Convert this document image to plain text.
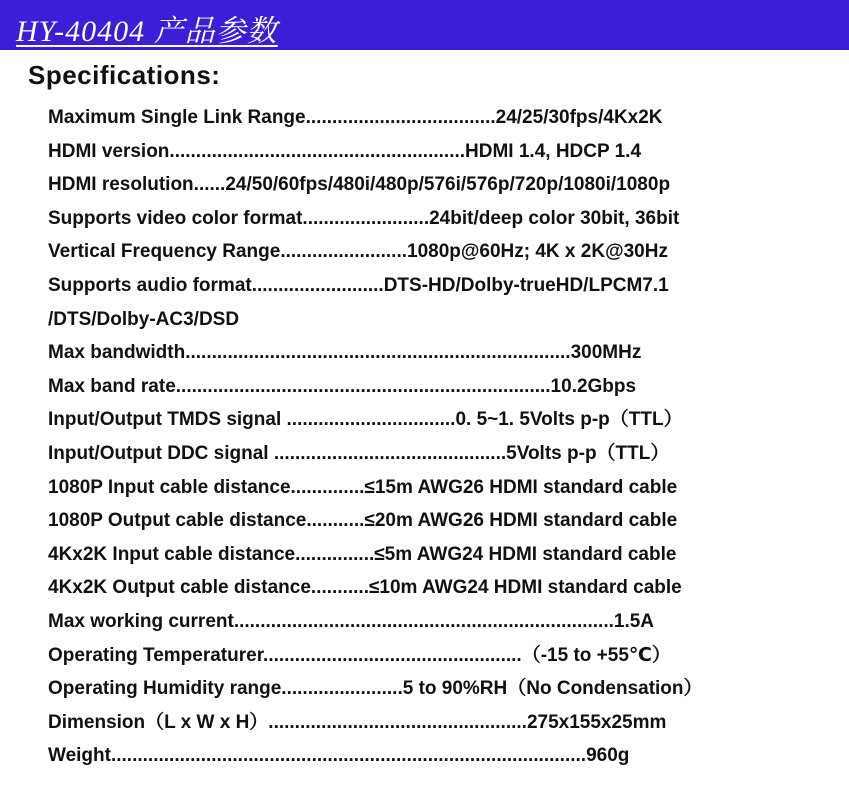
HY-40404 产品参数
Specifications:
Maximum Single Link Range....................................24/25/30fps/4Kx2K
HDMI version........................................................HDMI 1.4, HDCP 1.4
HDMI resolution......24/50/60fps/480i/480p/576i/576p/720p/1080i/1080p
Supports video color format........................24bit/deep color 30bit, 36bit
Vertical Frequency Range........................1080p@60Hz; 4K x 2K@30Hz
Supports audio format.........................DTS-HD/Dolby-trueHD/LPCM7.1
/DTS/Dolby-AC3/DSD
Max bandwidth.........................................................................300MHz
Max band rate.......................................................................10.2Gbps
Input/Output TMDS signal ................................0. 5~1. 5Volts p-p（TTL）
Input/Output DDC signal ............................................5Volts p-p（TTL）
1080P Input cable distance..............≤15m AWG26 HDMI standard cable
1080P Output cable distance...........≤20m AWG26 HDMI standard cable
4Kx2K Input cable distance...............≤5m AWG24 HDMI standard cable
4Kx2K Output cable distance...........≤10m AWG24 HDMI standard cable
Max working current........................................................................1.5A
Operating Temperaturer.................................................（-15 to +55℃）
Operating Humidity range.......................5 to 90%RH（No Condensation）
Dimension（L x W x H）.................................................275x155x25mm
Weight..........................................................................................960g
